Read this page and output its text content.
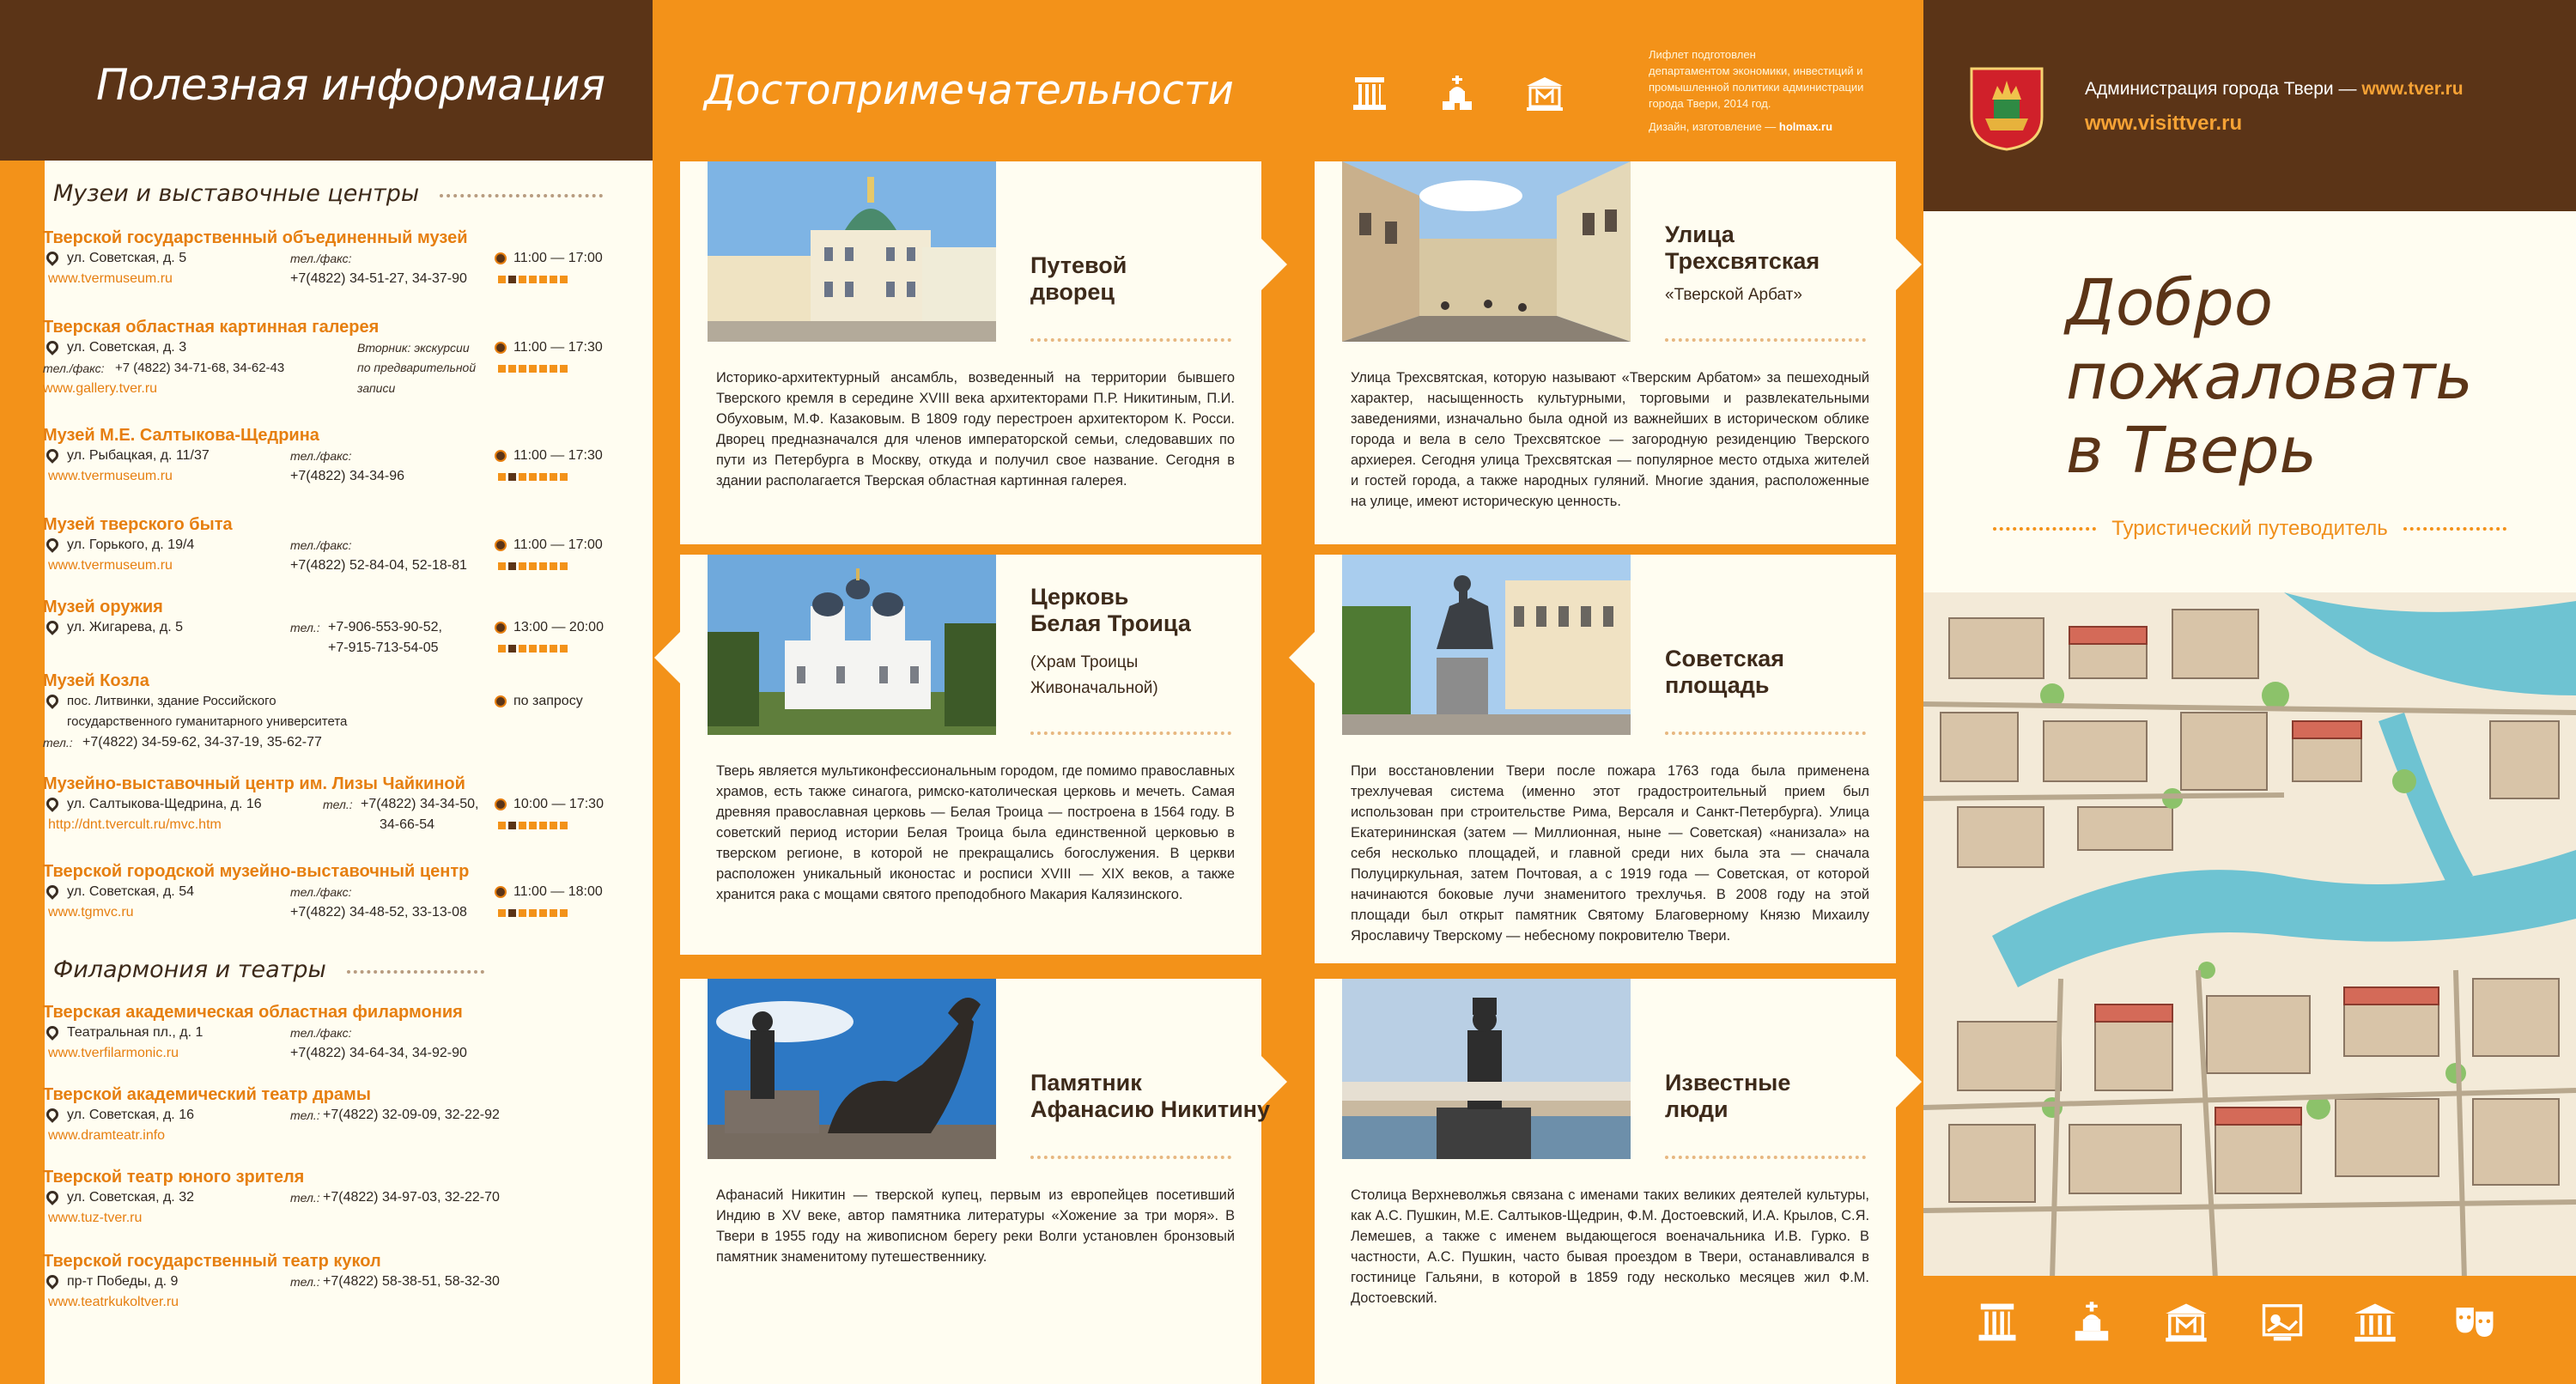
Полезная информация
Музеи и выставочные центры
Тверской государственный объединенный музей
ул. Советская, д. 5	тел./факс:	11:00 — 17:00
www.tvermuseum.ru	+7(4822) 34-51-27, 34-37-90
Тверская областная картинная галерея
ул. Советская, д. 3	Вторник: экскурсии	11:00 — 17:30
тел./факс: +7 (4822) 34-71-68, 34-62-43	по предварительной
www.gallery.tver.ru	записи
Музей М.Е. Салтыкова-Щедрина
ул. Рыбацкая, д. 11/37	тел./факс:	11:00 — 17:30
www.tvermuseum.ru	+7(4822) 34-34-96
Музей тверского быта
ул. Горького, д. 19/4	тел./факс:	11:00 — 17:00
www.tvermuseum.ru	+7(4822) 52-84-04, 52-18-81
Музей оружия
ул. Жигарева, д. 5	тел.: +7-906-553-90-52,	13:00 — 20:00
+7-915-713-54-05
Музей Козла
пос. Литвинки, здание Российского	по запросу
государственного гуманитарного университета
тел.: +7(4822) 34-59-62, 34-37-19, 35-62-77
Музейно-выставочный центр им. Лизы Чайкиной
ул. Салтыкова-Щедрина, д. 16	тел.: +7(4822) 34-34-50,	10:00 — 17:30
http://dnt.tvercult.ru/mvc.htm	34-66-54
Тверской городской музейно-выставочный центр
ул. Советская, д. 54	тел./факс:	11:00 — 18:00
www.tgmvc.ru	+7(4822) 34-48-52, 33-13-08
Филармония и театры
Тверская академическая областная филармония
Театральная пл., д. 1	тел./факс:
www.tverfilarmonic.ru	+7(4822) 34-64-34, 34-92-90
Тверской академический театр драмы
ул. Советская, д. 16	тел.: +7(4822) 32-09-09, 32-22-92
www.dramteatr.info
Тверской театр юного зрителя
ул. Советская, д. 32	тел.: +7(4822) 34-97-03, 32-22-70
www.tuz-tver.ru
Тверской государственный театр кукол
пр-т Победы, д. 9	тел.: +7(4822) 58-38-51, 58-32-30
www.teatrkukoltver.ru
Достопримечательности
Лифлет подготовлен
департаментом экономики, инвестиций и
промышленной политики администрации
города Твери, 2014 год.
Дизайн, изготовление — holmax.ru
Путевой
дворец
Историко-архитектурный ансамбль, возведенный на территории бывшего Тверского кремля в середине XVIII века архитекторами П.Р. Никитиным, П.И. Обуховым, М.Ф. Казаковым. В 1809 году перестроен архитектором К. Росси. Дворец предназначался для членов императорской семьи, следовавших по пути из Петербурга в Москву, откуда и получил свое название. Сегодня в здании располагается Тверская областная картинная галерея.
Улица
Трехсвятская
«Тверской Арбат»
Улица Трехсвятская, которую называют «Тверским Арбатом» за пешеходный характер, насыщенность культурными, торговыми и развлекательными заведениями, изначально была одной из важнейших в историческом облике города и вела в село Трехсвятское — загородную резиденцию Тверского архиерея. Сегодня улица Трехсвятская — популярное место отдыха жителей и гостей города, а также народных гуляний. Многие здания, расположенные на улице, имеют историческую ценность.
Церковь
Белая Троица
(Храм Троицы
Живоначальной)
Тверь является мультиконфессиональным городом, где помимо православных храмов, есть также синагога, римско-католическая церковь и мечеть. Самая древняя православная церковь — Белая Троица — построена в 1564 году. В советский период истории Белая Троица была единственной церковью в тверском регионе, в которой не прекращались богослужения. В церкви расположен уникальный иконостас и росписи XVIII — XIX веков, а также хранится рака с мощами святого преподобного Макария Калязинского.
Советская
площадь
При восстановлении Твери после пожара 1763 года была применена трехлучевая система (именно этот градостроительный прием был использован при строительстве Рима, Версаля и Санкт-Петербурга). Улица Екатерининская (затем — Миллионная, ныне — Советская) «нанизала» на себя несколько площадей, и главной среди них была эта — сначала Полуциркульная, затем Почтовая, а с 1919 года — Советская, от которой начинаются боковые лучи знаменитого трехлучья. В 2008 году на этой площади был открыт памятник Святому Благоверному Князю Михаилу Ярославичу Тверскому — небесному покровителю Твери.
Памятник
Афанасию Никитину
Афанасий Никитин — тверской купец, первым из европейцев посетивший Индию в XV веке, автор памятника литературы «Хожение за три моря». В Твери в 1955 году на живописном берегу реки Волги установлен бронзовый памятник знаменитому путешественнику.
Известные
люди
Столица Верхневолжья связана с именами таких великих деятелей культуры, как А.С. Пушкин, М.Е. Салтыков-Щедрин, Ф.М. Достоевский, И.А. Крылов, С.Я. Лемешев, а также с именем выдающегося военачальника И.В. Гурко. В частности, А.С. Пушкин, часто бывая проездом в Твери, останавливался в гостинице Гальяни, в которой в 1859 году несколько месяцев жил Ф.М. Достоевский.
Администрация города Твери — www.tver.ru
www.visittver.ru
Добро
пожаловать
в Тверь
Туристический путеводитель
